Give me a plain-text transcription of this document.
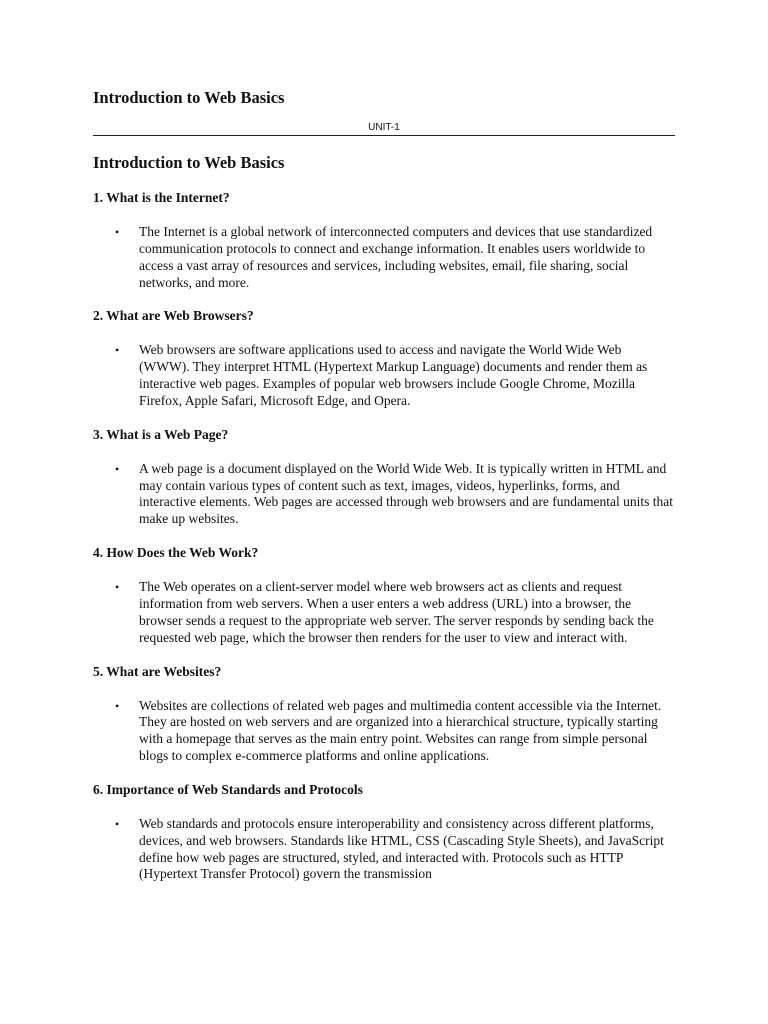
Introduction to Web Basics
UNIT-1
Introduction to Web Basics
1. What is the Internet?
• The Internet is a global network of interconnected computers and devices that use standardized communication protocols to connect and exchange information. It enables users worldwide to access a vast array of resources and services, including websites, email, file sharing, social networks, and more.
2. What are Web Browsers?
• Web browsers are software applications used to access and navigate the World Wide Web (WWW). They interpret HTML (Hypertext Markup Language) documents and render them as interactive web pages. Examples of popular web browsers include Google Chrome, Mozilla Firefox, Apple Safari, Microsoft Edge, and Opera.
3. What is a Web Page?
• A web page is a document displayed on the World Wide Web. It is typically written in HTML and may contain various types of content such as text, images, videos, hyperlinks, forms, and interactive elements. Web pages are accessed through web browsers and are fundamental units that make up websites.
4. How Does the Web Work?
• The Web operates on a client-server model where web browsers act as clients and request information from web servers. When a user enters a web address (URL) into a browser, the browser sends a request to the appropriate web server. The server responds by sending back the requested web page, which the browser then renders for the user to view and interact with.
5. What are Websites?
• Websites are collections of related web pages and multimedia content accessible via the Internet. They are hosted on web servers and are organized into a hierarchical structure, typically starting with a homepage that serves as the main entry point. Websites can range from simple personal blogs to complex e-commerce platforms and online applications.
6. Importance of Web Standards and Protocols
• Web standards and protocols ensure interoperability and consistency across different platforms, devices, and web browsers. Standards like HTML, CSS (Cascading Style Sheets), and JavaScript define how web pages are structured, styled, and interacted with. Protocols such as HTTP (Hypertext Transfer Protocol) govern the transmission
